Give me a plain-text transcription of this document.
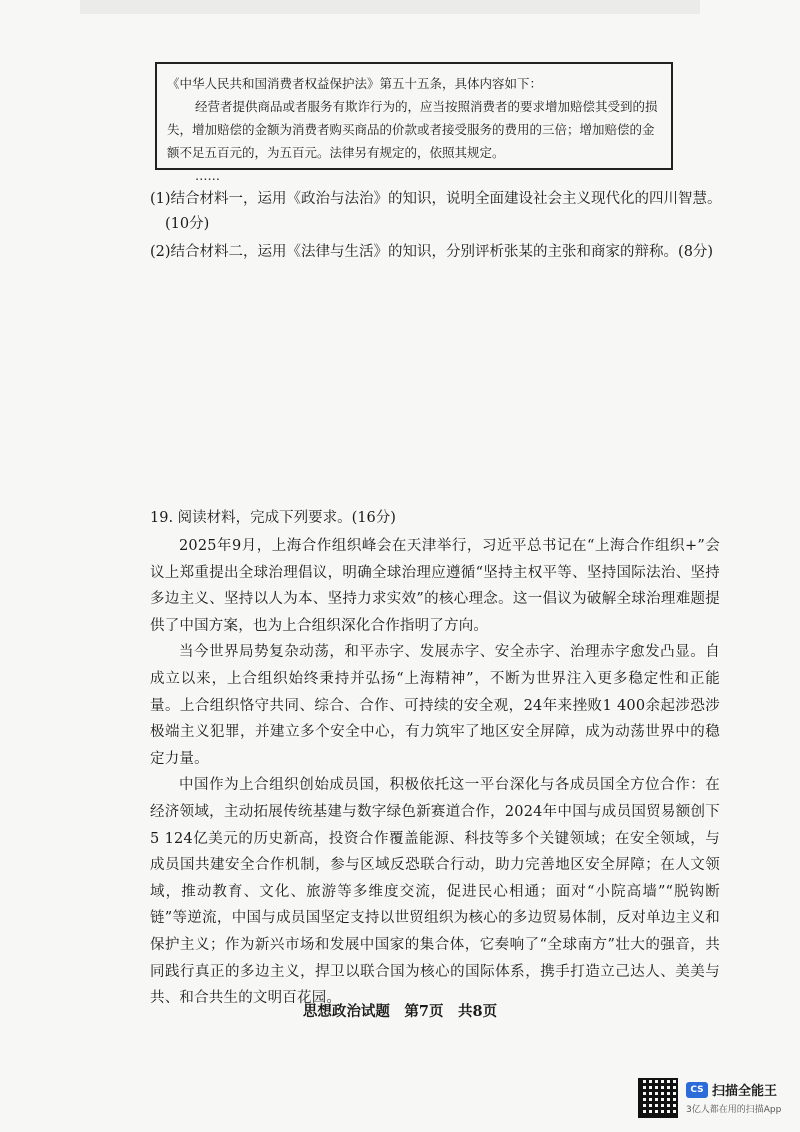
《中华人民共和国消费者权益保护法》第五十五条，具体内容如下：

经营者提供商品或者服务有欺诈行为的，应当按照消费者的要求增加赔偿其受到的损失，增加赔偿的金额为消费者购买商品的价款或者接受服务的费用的三倍；增加赔偿的金额不足五百元的，为五百元。法律另有规定的，依照其规定。

……

(1)结合材料一，运用《政治与法治》的知识，说明全面建设社会主义现代化的四川智慧。
(10分)
(2)结合材料二，运用《法律与生活》的知识，分别评析张某的主张和商家的辩称。(8分)
19. 阅读材料，完成下列要求。(16分)

2025年9月，上海合作组织峰会在天津举行，习近平总书记在“上海合作组织+”会议上郑重提出全球治理倡议，明确全球治理应遵循“坚持主权平等、坚持国际法治、坚持多边主义、坚持以人为本、坚持力求实效”的核心理念。这一倡议为破解全球治理难题提供了中国方案，也为上合组织深化合作指明了方向。

当今世界局势复杂动荡，和平赤字、发展赤字、安全赤字、治理赤字愈发凸显。自成立以来，上合组织始终秉持并弘扬“上海精神”，不断为世界注入更多稳定性和正能量。上合组织恪守共同、综合、合作、可持续的安全观，24年来挫败1 400余起涉恐涉极端主义犯罪，并建立多个安全中心，有力筑牢了地区安全屏障，成为动荡世界中的稳定力量。

中国作为上合组织创始成员国，积极依托这一平台深化与各成员国全方位合作：在经济领域，主动拓展传统基建与数字绿色新赛道合作，2024年中国与成员国贸易额创下5 124亿美元的历史新高，投资合作覆盖能源、科技等多个关键领域；在安全领域，与成员国共建安全合作机制，参与区域反恐联合行动，助力完善地区安全屏障；在人文领域，推动教育、文化、旅游等多维度交流，促进民心相通；面对“小院高墙”“脱钩断链”等逆流，中国与成员国坚定支持以世贸组织为核心的多边贸易体制，反对单边主义和保护主义；作为新兴市场和发展中国家的集合体，它奏响了“全球南方”壮大的强音，共同践行真正的多边主义，捍卫以联合国为核心的国际体系，携手打造立己达人、美美与共、和合共生的文明百花园。

思想政治试题　第7页　共8页
CS 扫描全能王
3亿人都在用的扫描App
